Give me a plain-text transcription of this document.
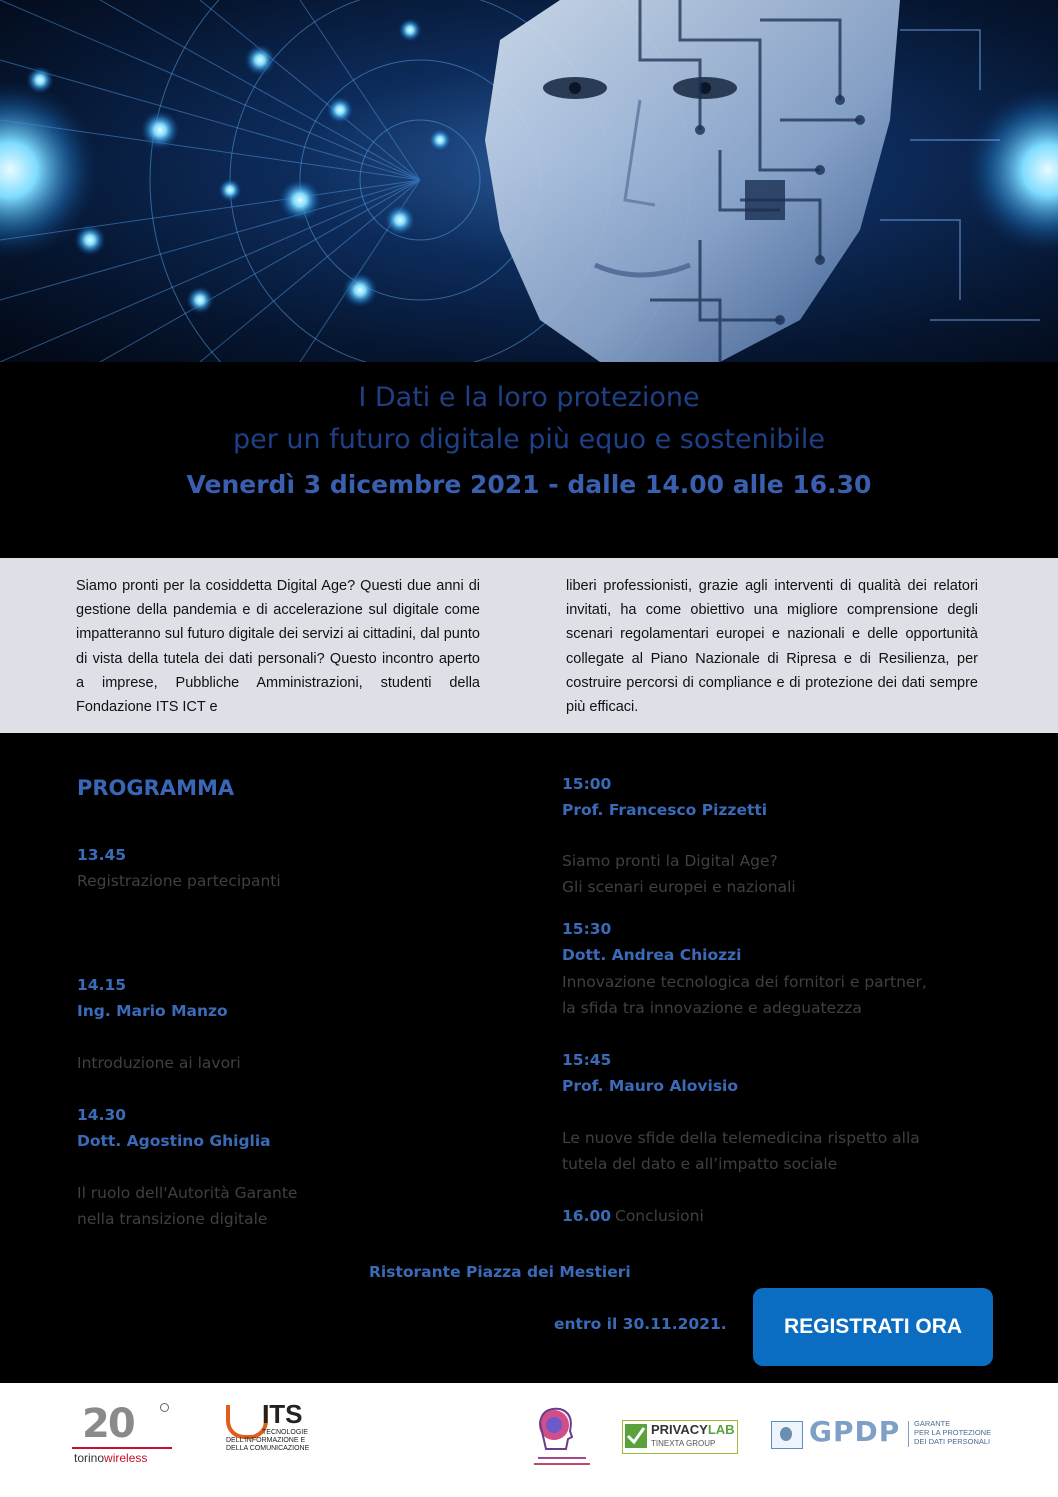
I Dati e la loro protezione
per un futuro digitale più equo e sostenibile
Venerdì 3 dicembre 2021 - dalle 14.00 alle 16.30

Siamo pronti per la cosiddetta Digital Age? Questi due anni di gestione della pandemia e di accelerazione sul digitale come impatteranno sul futuro digitale dei servizi ai cittadini, dal punto di vista della tutela dei dati personali? Questo incontro aperto a imprese, Pubbliche Amministrazioni, studenti della Fondazione ITS ICT e

liberi professionisti, grazie agli interventi di qualità dei relatori invitati, ha come obiettivo una migliore comprensione degli scenari regolamentari europei e nazionali e delle opportunità collegate al Piano Nazionale di Ripresa e di Resilienza, per costruire percorsi di compliance e di protezione dei dati sempre più efficaci.

PROGRAMMA

13.45

Registrazione partecipanti

14.15

Ing. Mario Manzo

Introduzione ai lavori

14.30

Dott. Agostino Ghiglia

Il ruolo dell'Autorità Garante

nella transizione digitale

15:00

Prof. Francesco Pizzetti

Siamo pronti la Digital Age?

Gli scenari europei e nazionali

15:30

Dott. Andrea Chiozzi

Innovazione tecnologica dei fornitori e partner,

la sfida tra innovazione e adeguatezza

15:45

Prof. Mauro Alovisio

Le nuove sfide della telemedicina rispetto alla

tutela del dato e all’impatto sociale

16.00 Conclusioni

Ristorante Piazza dei Mestieri

entro il 30.11.2021.	REGISTRATI ORA
20
torinowireless
ITS
TECNOLOGIE
DELL'INFORMAZIONE E
DELLA COMUNICAZIONE
PRIVACYLAB
TINEXTA GROUP	GPDP GARANTE
PER LA PROTEZIONE
DEI DATI PERSONALI
